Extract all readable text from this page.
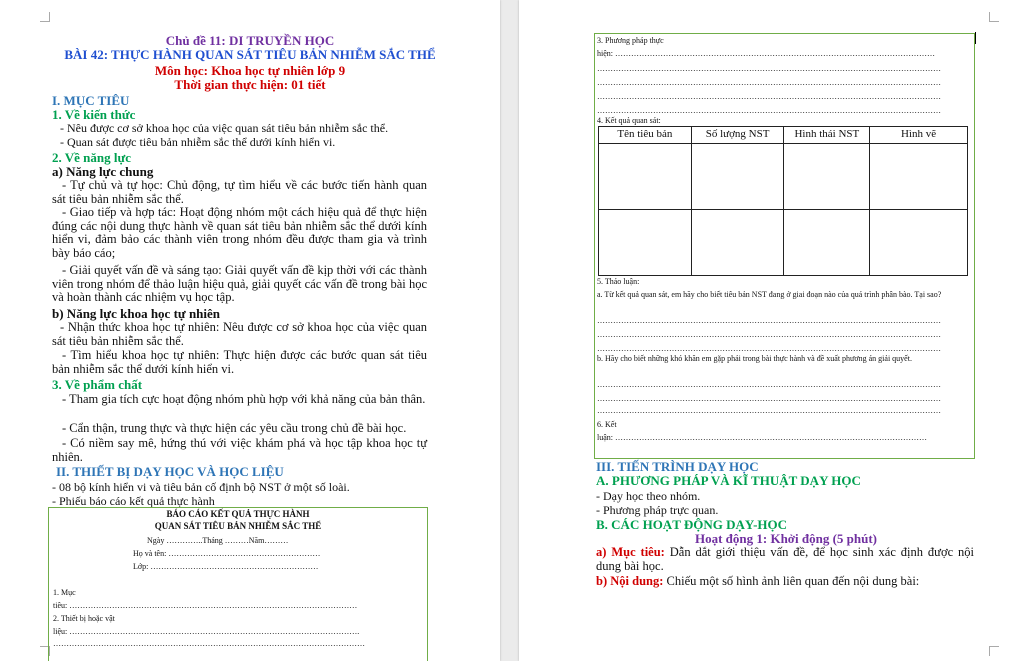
Chủ đề 11: DI TRUYỀN HỌC
BÀI 42: THỰC HÀNH QUAN SÁT TIÊU BẢN NHIỄM SẮC THỂ
Môn học: Khoa học tự nhiên lớp 9
Thời gian thực hiện: 01 tiết
I. MỤC TIÊU
1. Về kiến thức
- Nêu được cơ sở khoa học của việc quan sát tiêu bản nhiễm sắc thể.
- Quan sát được tiêu bản nhiễm sắc thể dưới kính hiển vi.
2. Về năng lực
a) Năng lực chung
- Tự chủ và tự học: Chủ động, tự tìm hiểu về các bước tiến hành quan sát tiêu bản nhiễm sắc thể.
- Giao tiếp và hợp tác: Hoạt động nhóm một cách hiệu quả để thực hiện đúng các nội dung thực hành về quan sát tiêu bản nhiễm sắc thể dưới kính hiển vi, đảm bảo các thành viên trong nhóm đều được tham gia và trình bày báo cáo;
- Giải quyết vấn đề và sáng tạo: Giải quyết vấn đề kịp thời với các thành viên trong nhóm để thảo luận hiệu quả, giải quyết các vấn đề trong bài học và hoàn thành các nhiệm vụ học tập.
b) Năng lực khoa học tự nhiên
- Nhận thức khoa học tự nhiên: Nêu được cơ sở khoa học của việc quan sát tiêu bản nhiễm sắc thể.
- Tìm hiểu khoa học tự nhiên: Thực hiện được các bước quan sát tiêu bản nhiễm sắc thể dưới kính hiển vi.
3. Về phẩm chất
- Tham gia tích cực hoạt động nhóm phù hợp với khả năng của bản thân.
- Cẩn thận, trung thực và thực hiện các yêu cầu trong chủ đề bài học.
- Có niềm say mê, hứng thú với việc khám phá và học tập khoa học tự nhiên.
II. THIẾT BỊ DẠY HỌC VÀ HỌC LIỆU
- 08 bộ kính hiển vi và tiêu bản cố định bộ NST ở một số loài.
- Phiếu báo cáo kết quả thực hành
BÁO CÁO KẾT QUẢ THỰC HÀNH
QUAN SÁT TIÊU BẢN NHIỄM SẮC THỂ
Ngày …………..Tháng ………Năm………
Họ và tên: …………………………………………………
Lớp: ………………………………………………………
1. Mục
tiêu: ………………………………………………………………………………………………
2. Thiết bị hoặc vật
liệu: ……………………………………………………………………………………………….
………………………………………………………………………………………………………
3. Phương pháp thực
hiện: …………………………………………………………………………………………………………
…………………………………………………………………………………………………………………
…………………………………………………………………………………………………………………
…………………………………………………………………………………………………………………
…………………………………………………………………………………………………………………
4. Kết quả quan sát:
Tên tiêu bản	Số lượng NST	Hình thái NST	Hình vẽ

5. Thảo luận:
a. Từ kết quả quan sát, em hãy cho biết tiêu bản NST đang ở giai đoạn nào của quá trình phân bào. Tại sao?
…………………………………………………………………………………………………………………
…………………………………………………………………………………………………………………
…………………………………………………………………………………………………………………
b. Hãy cho biết những khó khăn em gặp phải trong bài thực hành và đề xuất phương án giải quyết.
…………………………………………………………………………………………………………………
…………………………………………………………………………………………………………………
…………………………………………………………………………………………………………………
6. Kết
luận: ………………………………………………………………………………………………………
III. TIẾN TRÌNH DẠY HỌC
A. PHƯƠNG PHÁP VÀ KĨ THUẬT DẠY HỌC
- Dạy học theo nhóm.
- Phương pháp trực quan.
B. CÁC HOẠT ĐỘNG DẠY-HỌC
Hoạt động 1: Khởi động (5 phút)
a) Mục tiêu: Dẫn dắt giới thiệu vấn đề, để học sinh xác định được nội dung bài học.
b) Nội dung: Chiếu một số hình ảnh liên quan đến nội dung bài:
